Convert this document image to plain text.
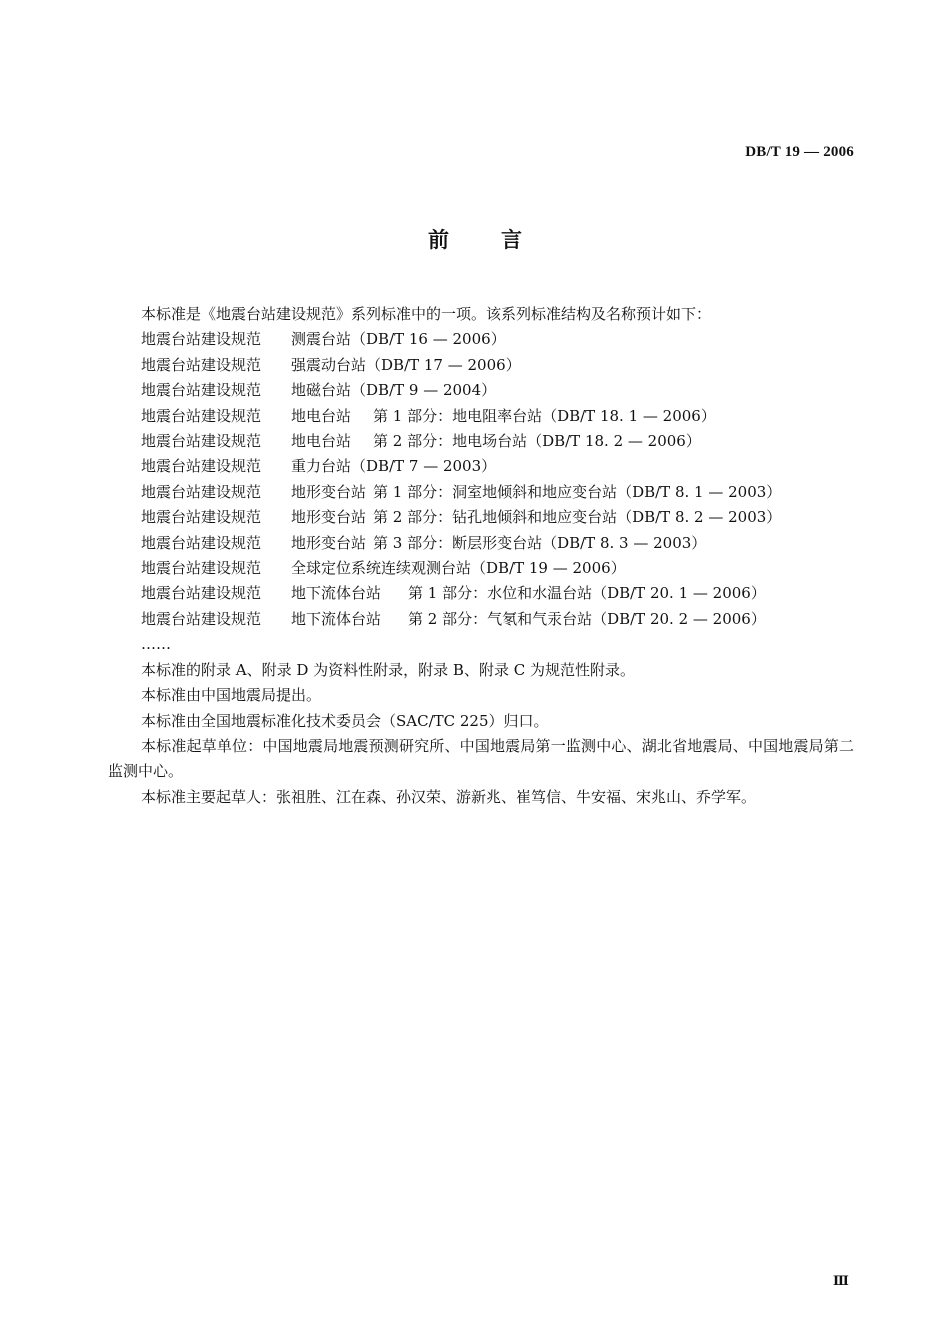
DB/T 19 — 2006
前言

本标准是《地震台站建设规范》系列标准中的一项。该系列标准结构及名称预计如下：

地震台站建设规范 测震台站（DB/T 16 — 2006）

地震台站建设规范 强震动台站（DB/T 17 — 2006）

地震台站建设规范 地磁台站（DB/T 9 — 2004）

地震台站建设规范 地电台站 第 1 部分：地电阻率台站（DB/T 18. 1 — 2006）

地震台站建设规范 地电台站 第 2 部分：地电场台站（DB/T 18. 2 — 2006）

地震台站建设规范 重力台站（DB/T 7 — 2003）

地震台站建设规范 地形变台站 第 1 部分：洞室地倾斜和地应变台站（DB/T 8. 1 — 2003）

地震台站建设规范 地形变台站 第 2 部分：钻孔地倾斜和地应变台站（DB/T 8. 2 — 2003）

地震台站建设规范 地形变台站 第 3 部分：断层形变台站（DB/T 8. 3 — 2003）

地震台站建设规范 全球定位系统连续观测台站（DB/T 19 — 2006）

地震台站建设规范 地下流体台站 第 1 部分：水位和水温台站（DB/T 20. 1 — 2006）

地震台站建设规范 地下流体台站 第 2 部分：气氡和气汞台站（DB/T 20. 2 — 2006）

……

本标准的附录 A、附录 D 为资料性附录，附录 B、附录 C 为规范性附录。

本标准由中国地震局提出。

本标准由全国地震标准化技术委员会（SAC/TC 225）归口。

本标准起草单位：中国地震局地震预测研究所、中国地震局第一监测中心、湖北省地震局、中国地震局第二监测中心。

本标准主要起草人：张祖胜、江在森、孙汉荣、游新兆、崔笃信、牛安福、宋兆山、乔学军。

Ⅲ
